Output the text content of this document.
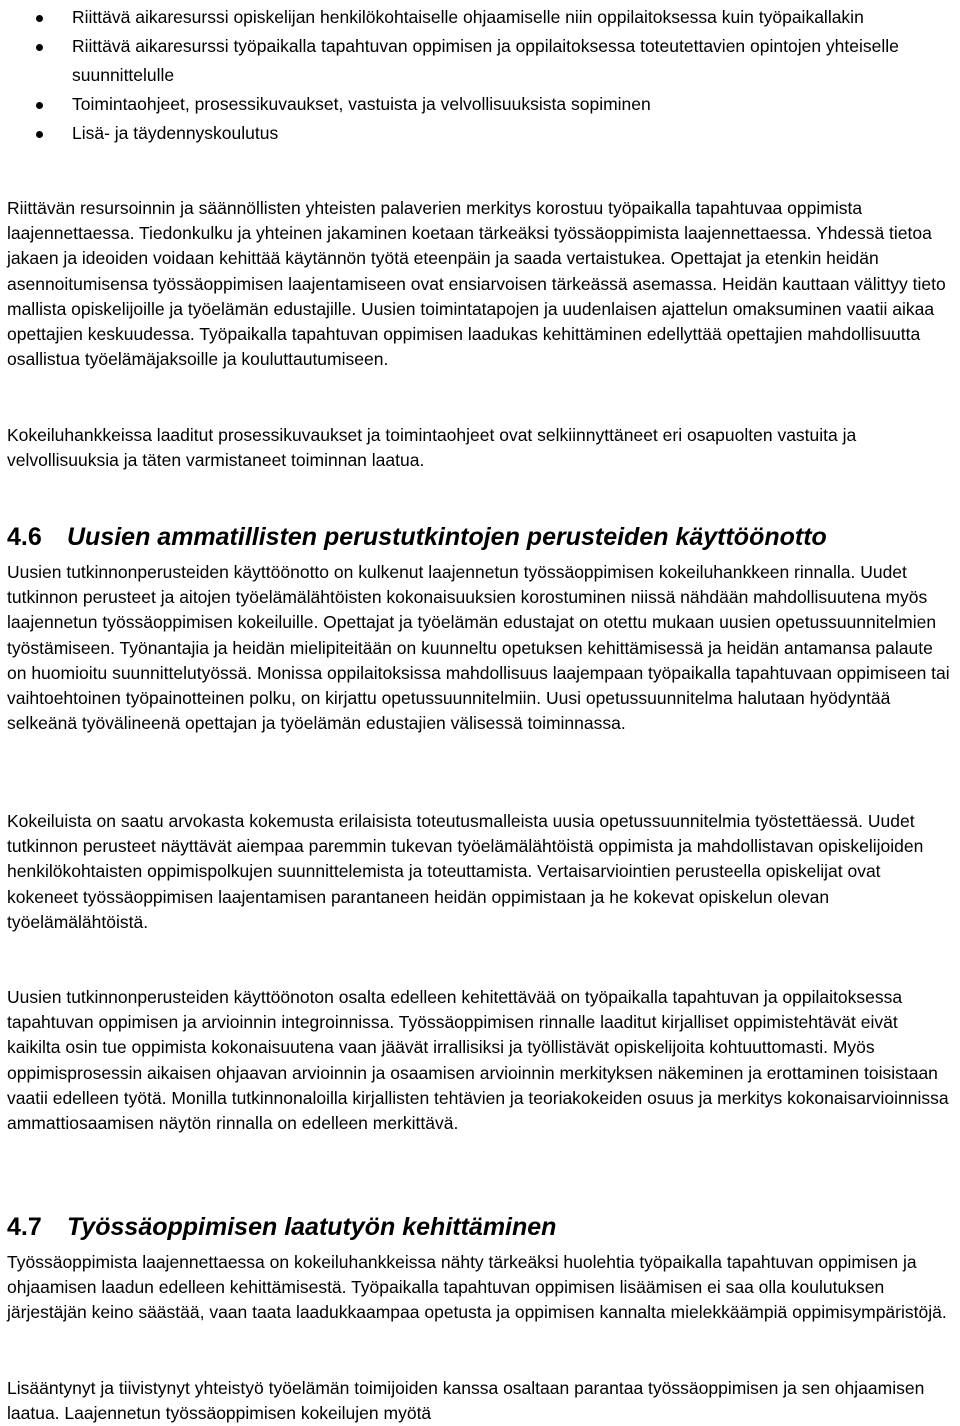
Riittävä aikaresurssi opiskelijan henkilökohtaiselle ohjaamiselle niin oppilaitoksessa kuin työpaikallakin
Riittävä aikaresurssi työpaikalla tapahtuvan oppimisen ja oppilaitoksessa toteutettavien opintojen yhteiselle suunnittelulle
Toimintaohjeet, prosessikuvaukset, vastuista ja velvollisuuksista sopiminen
Lisä- ja täydennyskoulutus

Riittävän resursoinnin ja säännöllisten yhteisten palaverien merkitys korostuu työpaikalla tapahtuvaa oppimista laajennettaessa. Tiedonkulku ja yhteinen jakaminen koetaan tärkeäksi työssäoppimista laajennettaessa. Yhdessä tietoa jakaen ja ideoiden voidaan kehittää käytännön työtä eteenpäin ja saada vertaistukea. Opettajat ja etenkin heidän asennoitumisensa työssäoppimisen laajentamiseen ovat ensiarvoisen tärkeässä asemassa. Heidän kauttaan välittyy tieto mallista opiskelijoille ja työelämän edustajille. Uusien toimintatapojen ja uudenlaisen ajattelun omaksuminen vaatii aikaa opettajien keskuudessa. Työpaikalla tapahtuvan oppimisen laadukas kehittäminen edellyttää opettajien mahdollisuutta osallistua työelämäjaksoille ja kouluttautumiseen.

Kokeiluhankkeissa laaditut prosessikuvaukset ja toimintaohjeet ovat selkiinnyttäneet eri osapuolten vastuita ja velvollisuuksia ja täten varmistaneet toiminnan laatua.

4.6 Uusien ammatillisten perustutkintojen perusteiden käyttöönotto

Uusien tutkinnonperusteiden käyttöönotto on kulkenut laajennetun työssäoppimisen kokeiluhankkeen rinnalla. Uudet tutkinnon perusteet ja aitojen työelämälähtöisten kokonaisuuksien korostuminen niissä nähdään mahdollisuutena myös laajennetun työssäoppimisen kokeiluille. Opettajat ja työelämän edustajat on otettu mukaan uusien opetussuunnitelmien työstämiseen. Työnantajia ja heidän mielipiteitään on kuunneltu opetuksen kehittämisessä ja heidän antamansa palaute on huomioitu suunnittelutyössä. Monissa oppilaitoksissa mahdollisuus laajempaan työpaikalla tapahtuvaan oppimiseen tai vaihtoehtoinen työpainotteinen polku, on kirjattu opetussuunnitelmiin. Uusi opetussuunnitelma halutaan hyödyntää selkeänä työvälineenä opettajan ja työelämän edustajien välisessä toiminnassa.

Kokeiluista on saatu arvokasta kokemusta erilaisista toteutusmalleista uusia opetussuunnitelmia työstettäessä. Uudet tutkinnon perusteet näyttävät aiempaa paremmin tukevan työelämälähtöistä oppimista ja mahdollistavan opiskelijoiden henkilökohtaisten oppimispolkujen suunnittelemista ja toteuttamista. Vertaisarviointien perusteella opiskelijat ovat kokeneet työssäoppimisen laajentamisen parantaneen heidän oppimistaan ja he kokevat opiskelun olevan työelämälähtöistä.

Uusien tutkinnonperusteiden käyttöönoton osalta edelleen kehitettävää on työpaikalla tapahtuvan ja oppilaitoksessa tapahtuvan oppimisen ja arvioinnin integroinnissa. Työssäoppimisen rinnalle laaditut kirjalliset oppimistehtävät eivät kaikilta osin tue oppimista kokonaisuutena vaan jäävät irrallisiksi ja työllistävät opiskelijoita kohtuuttomasti. Myös oppimisprosessin aikaisen ohjaavan arvioinnin ja osaamisen arvioinnin merkityksen näkeminen ja erottaminen toisistaan vaatii edelleen työtä. Monilla tutkinnonaloilla kirjallisten tehtävien ja teoriakokeiden osuus ja merkitys kokonaisarvioinnissa ammattiosaamisen näytön rinnalla on edelleen merkittävä.

4.7 Työssäoppimisen laatutyön kehittäminen

Työssäoppimista laajennettaessa on kokeiluhankkeissa nähty tärkeäksi huolehtia työpaikalla tapahtuvan oppimisen ja ohjaamisen laadun edelleen kehittämisestä. Työpaikalla tapahtuvan oppimisen lisäämisen ei saa olla koulutuksen järjestäjän keino säästää, vaan taata laadukkaampaa opetusta ja oppimisen kannalta mielekkäämpiä oppimisympäristöjä.

Lisääntynyt ja tiivistynyt yhteistyö työelämän toimijoiden kanssa osaltaan parantaa työssäoppimisen ja sen ohjaamisen laatua. Laajennetun työssäoppimisen kokeilujen myötä
